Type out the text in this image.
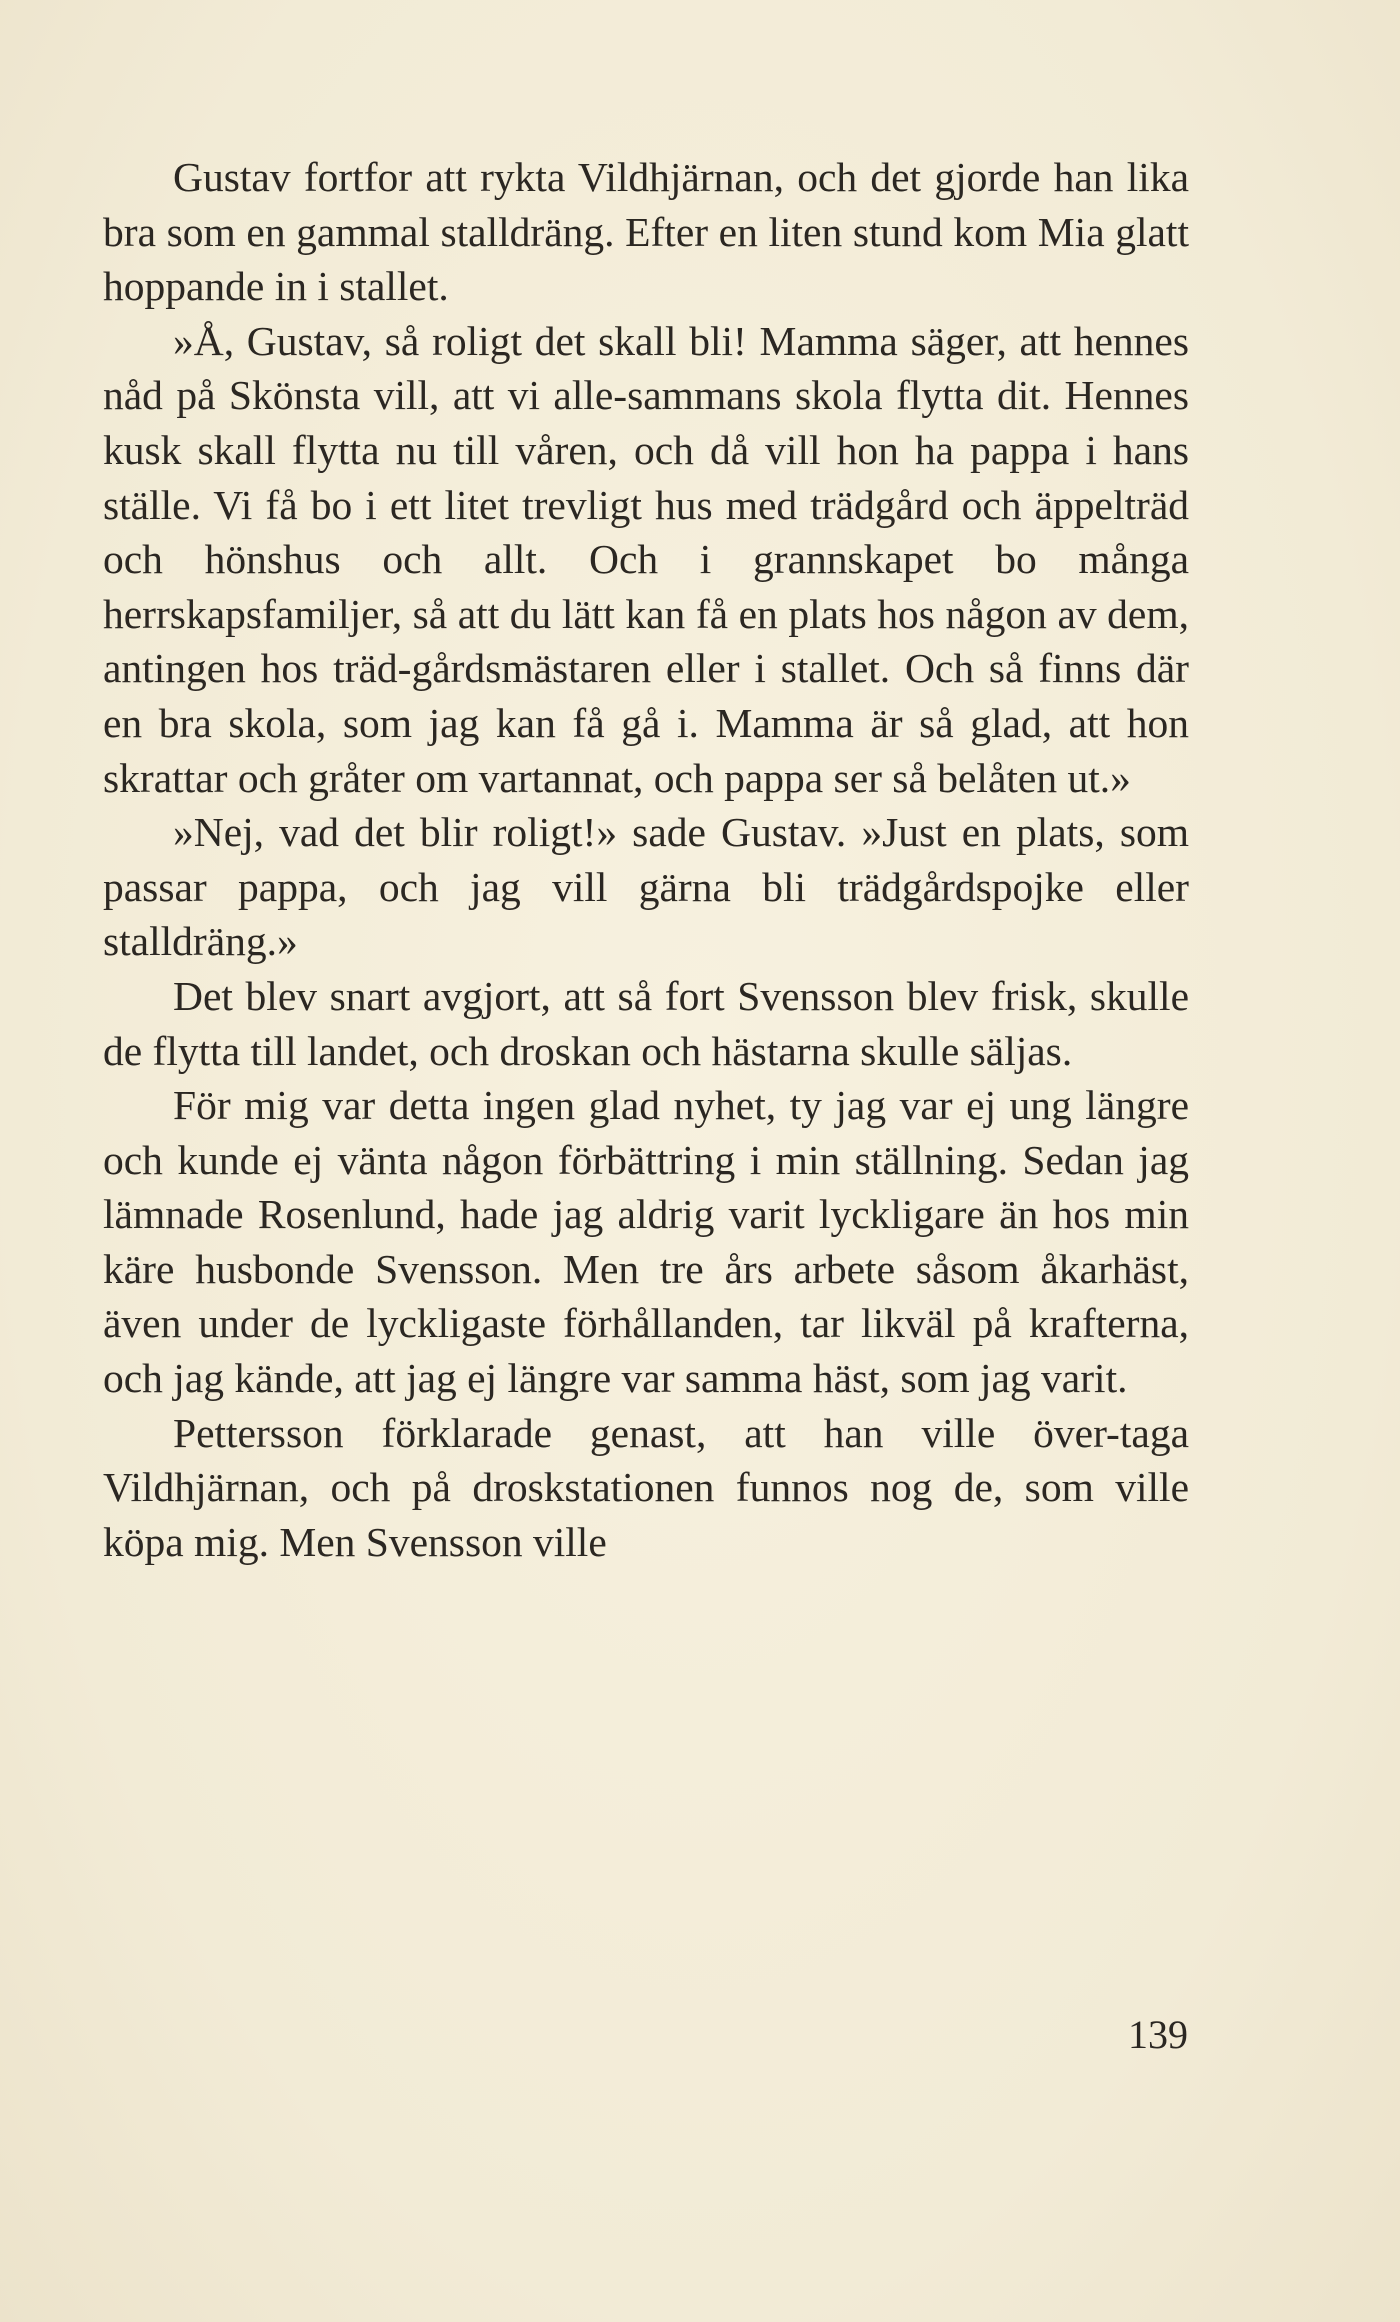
Gustav fortfor att rykta Vildhjärnan, och det gjorde han lika bra som en gammal stalldräng. Efter en liten stund kom Mia glatt hoppande in i stallet.

»Å, Gustav, så roligt det skall bli! Mamma säger, att hennes nåd på Skönsta vill, att vi alle-sammans skola flytta dit. Hennes kusk skall flytta nu till våren, och då vill hon ha pappa i hans ställe. Vi få bo i ett litet trevligt hus med trädgård och äppelträd och hönshus och allt. Och i grannskapet bo många herrskapsfamiljer, så att du lätt kan få en plats hos någon av dem, antingen hos träd-gårdsmästaren eller i stallet. Och så finns där en bra skola, som jag kan få gå i. Mamma är så glad, att hon skrattar och gråter om vartannat, och pappa ser så belåten ut.»

»Nej, vad det blir roligt!» sade Gustav. »Just en plats, som passar pappa, och jag vill gärna bli trädgårdspojke eller stalldräng.»

Det blev snart avgjort, att så fort Svensson blev frisk, skulle de flytta till landet, och droskan och hästarna skulle säljas.

För mig var detta ingen glad nyhet, ty jag var ej ung längre och kunde ej vänta någon förbättring i min ställning. Sedan jag lämnade Rosenlund, hade jag aldrig varit lyckligare än hos min käre husbonde Svensson. Men tre års arbete såsom åkarhäst, även under de lyckligaste förhållanden, tar likväl på krafterna, och jag kände, att jag ej längre var samma häst, som jag varit.

Pettersson förklarade genast, att han ville över-taga Vildhjärnan, och på droskstationen funnos nog de, som ville köpa mig. Men Svensson ville

139
